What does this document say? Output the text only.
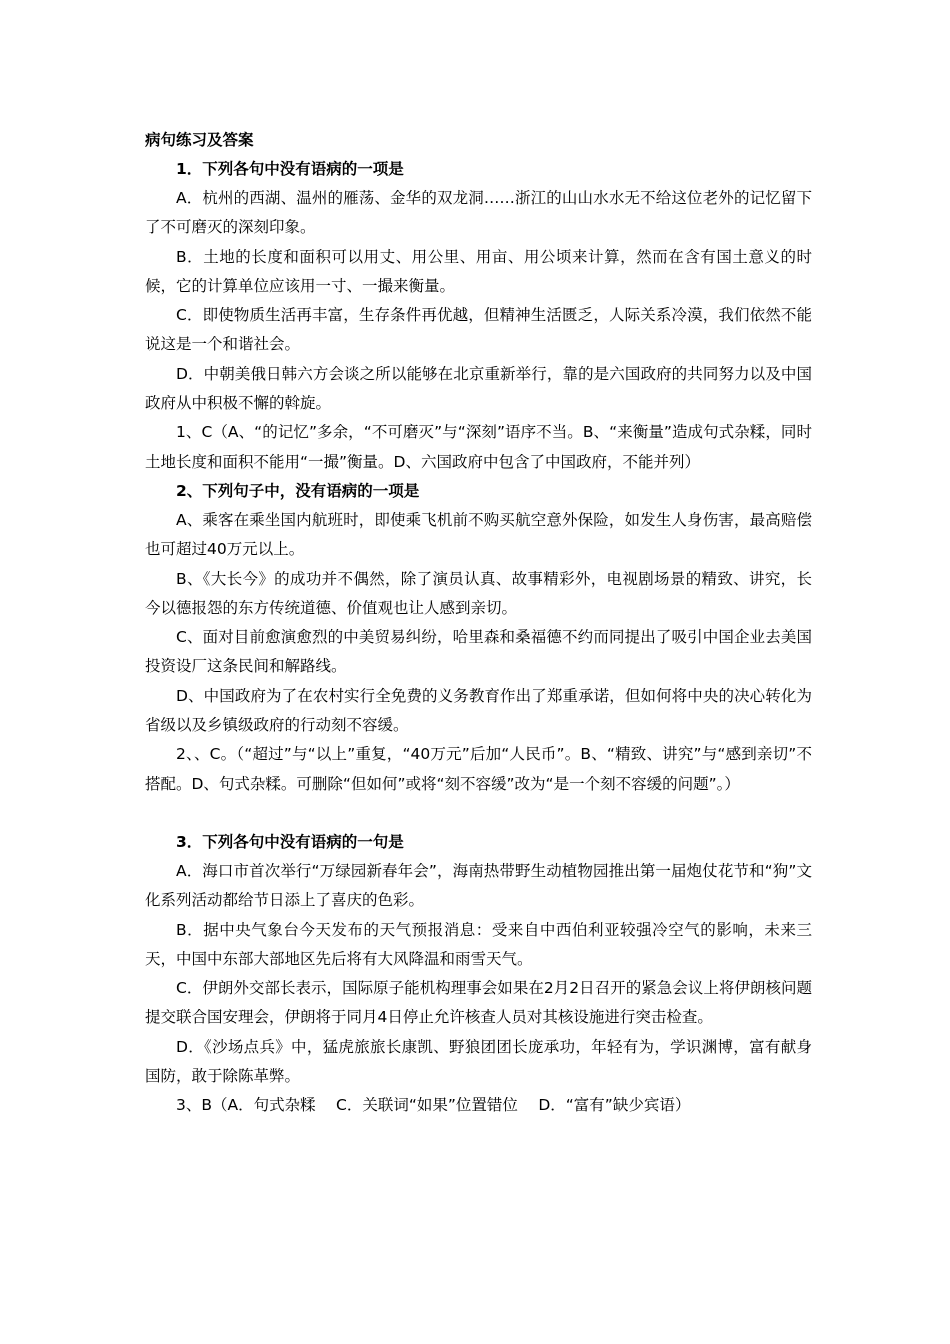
病句练习及答案

1．下列各句中没有语病的一项是

A．杭州的西湖、温州的雁荡、金华的双龙洞……浙江的山山水水无不给这位老外的记忆留下了不可磨灭的深刻印象。

B．土地的长度和面积可以用丈、用公里、用亩、用公顷来计算，然而在含有国土意义的时候，它的计算单位应该用一寸、一撮来衡量。

C．即使物质生活再丰富，生存条件再优越，但精神生活匮乏，人际关系冷漠，我们依然不能说这是一个和谐社会。

D．中朝美俄日韩六方会谈之所以能够在北京重新举行，靠的是六国政府的共同努力以及中国政府从中积极不懈的斡旋。

1、C（A、“的记忆”多余，“不可磨灭”与“深刻”语序不当。B、“来衡量”造成句式杂糅，同时土地长度和面积不能用“一撮”衡量。D、六国政府中包含了中国政府，不能并列）

2、下列句子中，没有语病的一项是

A、乘客在乘坐国内航班时，即使乘飞机前不购买航空意外保险，如发生人身伤害，最高赔偿也可超过40万元以上。

B、《大长今》的成功并不偶然，除了演员认真、故事精彩外，电视剧场景的精致、讲究，长今以德报怨的东方传统道德、价值观也让人感到亲切。

C、面对目前愈演愈烈的中美贸易纠纷，哈里森和桑福德不约而同提出了吸引中国企业去美国投资设厂这条民间和解路线。

D、中国政府为了在农村实行全免费的义务教育作出了郑重承诺，但如何将中央的决心转化为省级以及乡镇级政府的行动刻不容缓。

2、、C。（“超过”与“以上”重复，“40万元”后加“人民币”。B、“精致、讲究”与“感到亲切”不搭配。D、句式杂糅。可删除“但如何”或将“刻不容缓”改为“是一个刻不容缓的问题”。）

3．下列各句中没有语病的一句是

A．海口市首次举行“万绿园新春年会”，海南热带野生动植物园推出第一届炮仗花节和“狗”文化系列活动都给节日添上了喜庆的色彩。

B．据中央气象台今天发布的天气预报消息：受来自中西伯利亚较强冷空气的影响，未来三天，中国中东部大部地区先后将有大风降温和雨雪天气。

C．伊朗外交部长表示，国际原子能机构理事会如果在2月2日召开的紧急会议上将伊朗核问题提交联合国安理会，伊朗将于同月4日停止允许核查人员对其核设施进行突击检查。

D．《沙场点兵》中，猛虎旅旅长康凯、野狼团团长庞承功，年轻有为，学识渊博，富有献身国防，敢于除陈革弊。

3、B（A．句式杂糅　 C．关联词“如果”位置错位　 D．“富有”缺少宾语）
